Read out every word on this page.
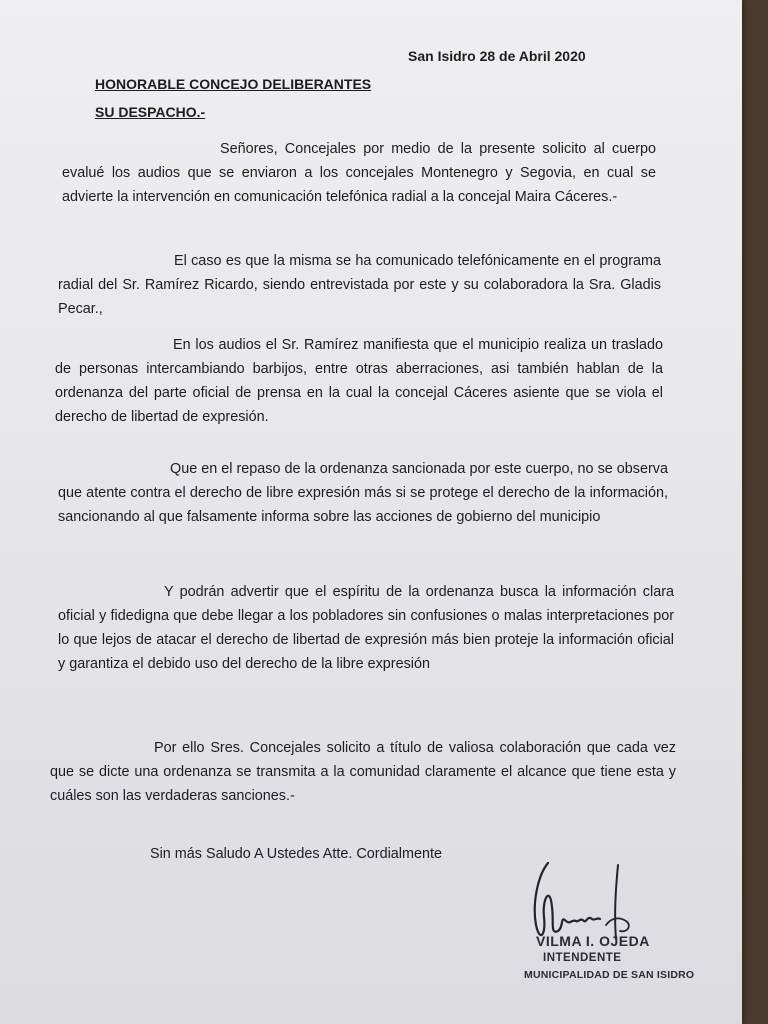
San Isidro 28 de Abril 2020
HONORABLE CONCEJO DELIBERANTES
SU DESPACHO.-

Señores, Concejales por medio de la presente solicito al cuerpo evalué los audios que se enviaron a los concejales Montenegro y Segovia, en cual se advierte la intervención en comunicación telefónica radial a la concejal Maira Cáceres.-

El caso es que la misma se ha comunicado telefónicamente en el programa radial del Sr. Ramírez Ricardo, siendo entrevistada por este y su colaboradora la Sra. Gladis Pecar.,

En los audios el Sr. Ramírez manifiesta que el municipio realiza un traslado de personas intercambiando barbijos, entre otras aberraciones, asi también hablan de la ordenanza del parte oficial de prensa en la cual la concejal Cáceres asiente que se viola el derecho de libertad de expresión.

Que en el repaso de la ordenanza sancionada por este cuerpo, no se observa que atente contra el derecho de libre expresión más si se protege el derecho de la información, sancionando al que falsamente informa sobre las acciones de gobierno del municipio

Y podrán advertir que el espíritu de la ordenanza busca la información clara oficial y fidedigna que debe llegar a los pobladores sin confusiones o malas interpretaciones por lo que lejos de atacar el derecho de libertad de expresión más bien proteje la información oficial y garantiza el debido uso del derecho de la libre expresión

Por ello Sres. Concejales solicito a título de valiosa colaboración que cada vez que se dicte una ordenanza se transmita a la comunidad claramente el alcance que tiene esta y cuáles son las verdaderas sanciones.-

Sin más Saludo A Ustedes Atte. Cordialmente
VILMA I. OJEDA
INTENDENTE
MUNICIPALIDAD DE SAN ISIDRO
